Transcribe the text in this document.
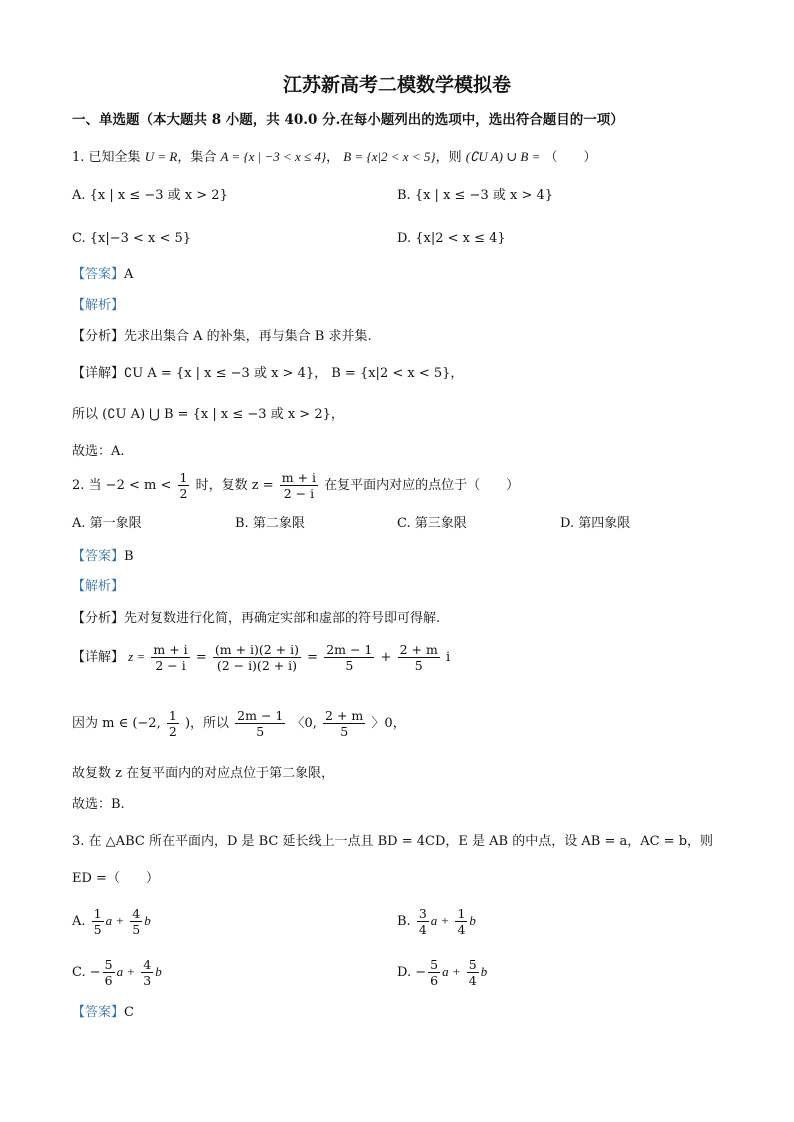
江苏新高考二模数学模拟卷
一、单选题（本大题共 8 小题，共 40.0 分.在每小题列出的选项中，选出符合题目的一项）
1. 已知全集 U = R，集合 A = {x | −3 < x ≤ 4}， B = {x|2 < x < 5}，则 (∁U A) ∪ B = （　　）
A. {x | x ≤ −3 或 x > 2}	B. {x | x ≤ −3 或 x > 4}
C. {x|−3 < x < 5}	D. {x|2 < x ≤ 4}
【答案】A
【解析】
【分析】先求出集合 A 的补集，再与集合 B 求并集.
【详解】∁U A = {x | x ≤ −3 或 x > 4}， B = {x|2 < x < 5}，
所以 (∁U A) ⋃ B = {x | x ≤ −3 或 x > 2}，
故选：A.
2. 当 $-2 < m < \frac{1}{2}$ 时，复数 $z = \frac{m + i}{2 - i}$ 在复平面内对应的点位于（　　）
A. 第一象限	B. 第二象限	C. 第三象限	D. 第四象限
【答案】B
【解析】
【分析】先对复数进行化简，再确定实部和虚部的符号即可得解.
【详解】 $z = \frac{m + i}{2 - i} = \frac{(m + i)(2 + i)}{(2 - i)(2 + i)} = \frac{2m - 1}{5} + \frac{2 + m}{5}$ i
因为 m ∈ (−2, $\frac{1}{2}$ )，所以 $\frac{2m - 1}{5}$ 〈0, $\frac{2 + m}{5}$ 〉0，
故复数 z 在复平面内的对应点位于第二象限，
故选：B.
3. 在 △ABC 所在平面内，D 是 BC 延长线上一点且 BD = 4CD，E 是 AB 的中点，设 AB = a，AC = b，则
ED =（　　）
A. $\frac{1}{5}$ $a + \frac{4}{5}$ b	B. $\frac{3}{4}$ $a + \frac{1}{4}$ b
C. − $\frac{5}{6}$ $a + \frac{4}{3}$ b	D. − $\frac{5}{6}$ $a + \frac{5}{4}$ b
【答案】C
